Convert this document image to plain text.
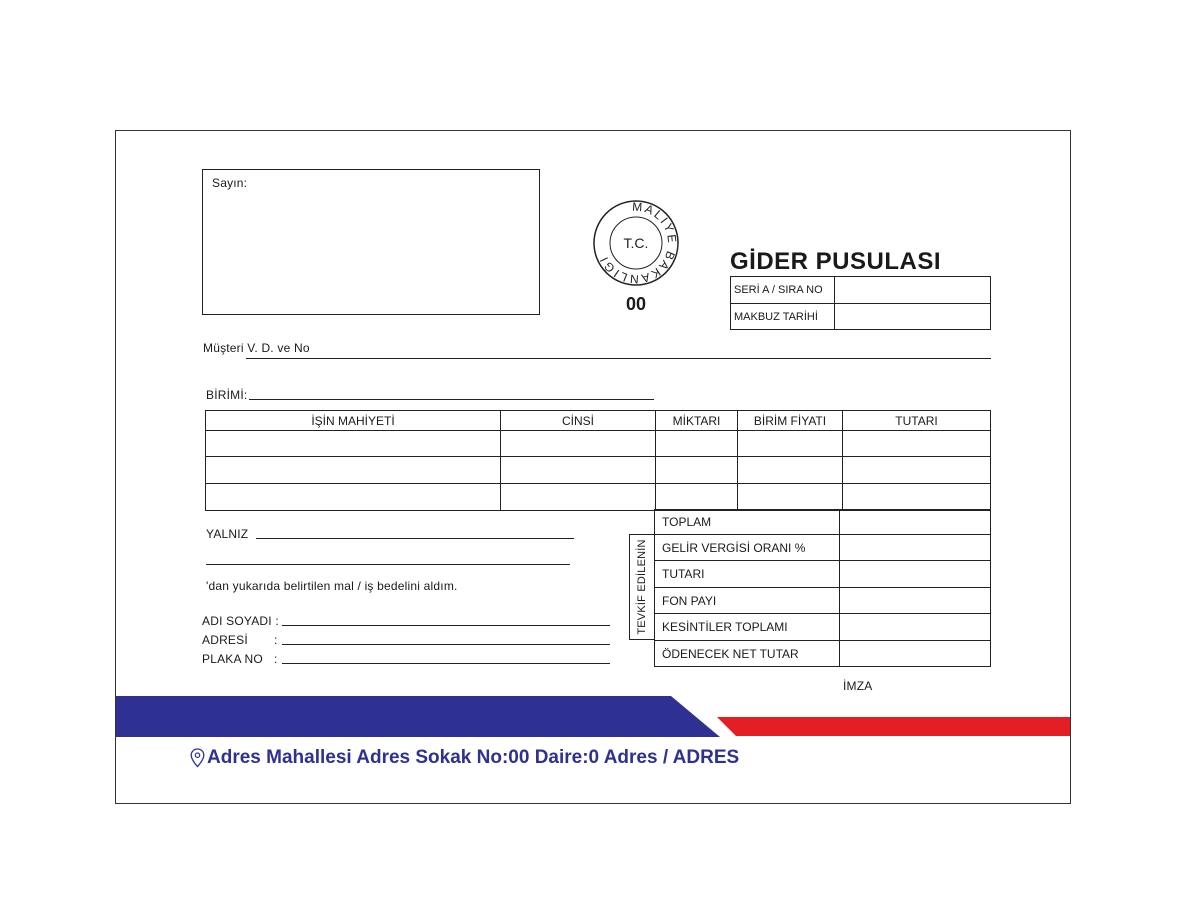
Sayın:
MALİYE BAKANLIĞI
T.C.
00
GİDER PUSULASI
SERİ A / SIRA NO	
MAKBUZ TARİHİ	
Müşteri V. D. ve No
BİRİMİ:
İŞİN MAHİYETİ	CİNSİ	MİKTARI	BİRİM FİYATI	TUTARI

YALNIZ
'dan yukarıda belirtilen mal / iş bedelini aldım.
ADI SOYADI :
ADRESİ :
PLAKA NO :
TEVKİF EDİLENİN
TOPLAM	
GELİR VERGİSİ ORANI %	
TUTARI	
FON PAYI	
KESİNTİLER TOPLAMI	
ÖDENECEK NET TUTAR	
İMZA
Adres Mahallesi Adres Sokak No:00 Daire:0 Adres / ADRES
